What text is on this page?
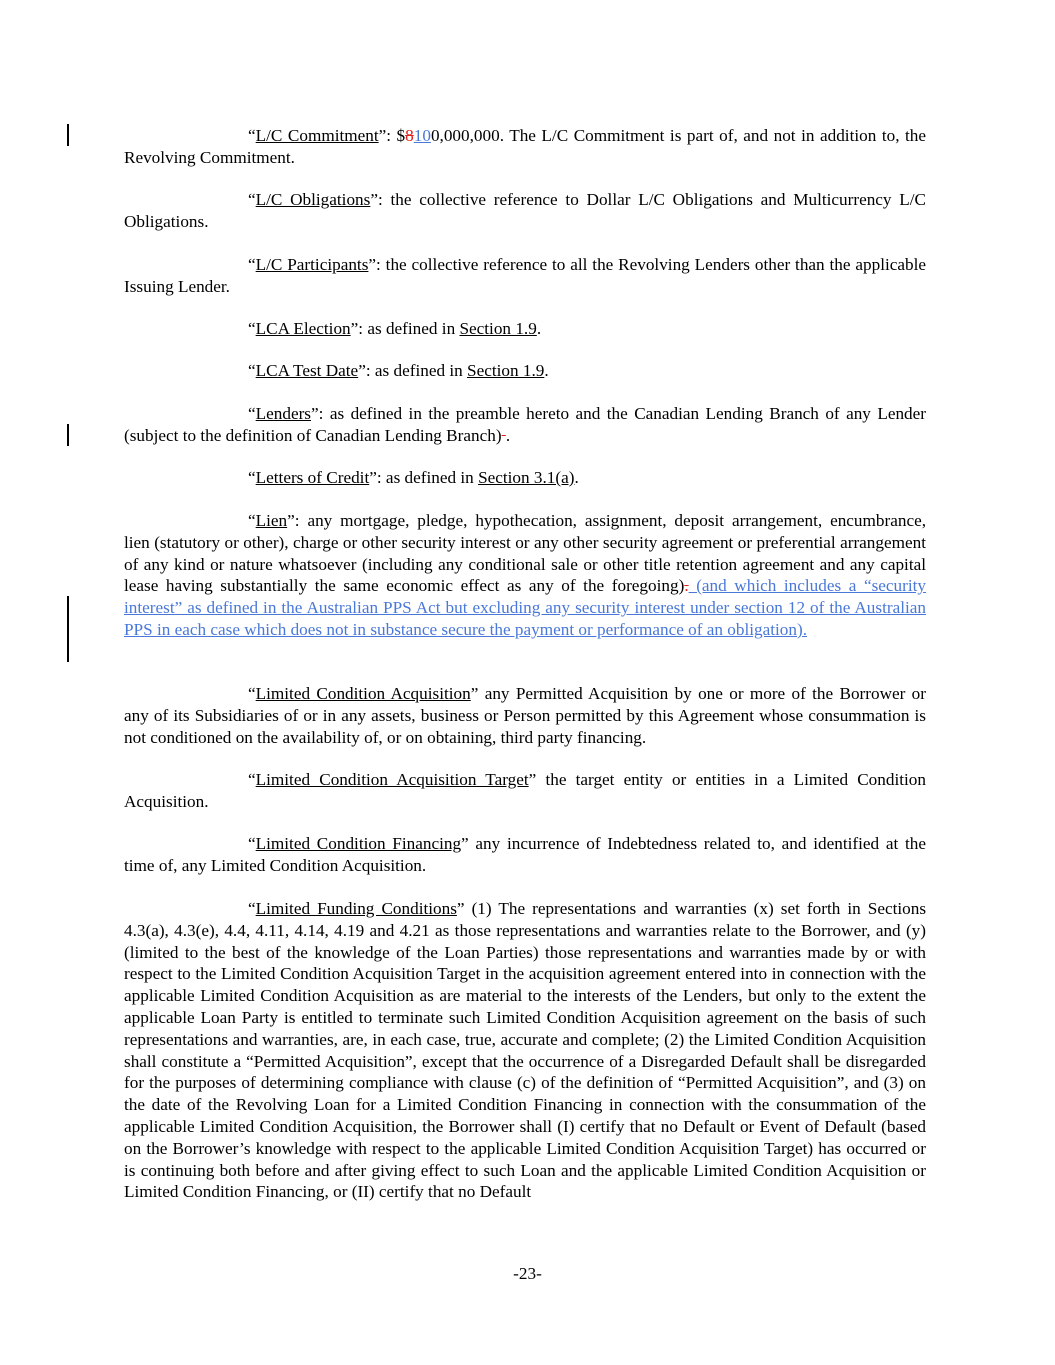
“L/C Commitment”: $8100,000,000. The L/C Commitment is part of, and not in addition to, the Revolving Commitment.

“L/C Obligations”: the collective reference to Dollar L/C Obligations and Multicurrency L/C Obligations.

“L/C Participants”: the collective reference to all the Revolving Lenders other than the applicable Issuing Lender.

“LCA Election”: as defined in Section 1.9.

“LCA Test Date”: as defined in Section 1.9.

“Lenders”: as defined in the preamble hereto and the Canadian Lending Branch of any Lender (subject to the definition of Canadian Lending Branch) .

“Letters of Credit”: as defined in Section 3.1(a).

“Lien”: any mortgage, pledge, hypothecation, assignment, deposit arrangement, encumbrance, lien (statutory or other), charge or other security interest or any other security agreement or preferential arrangement of any kind or nature whatsoever (including any conditional sale or other title retention agreement and any capital lease having substantially the same economic effect as any of the foregoing). (and which includes a “security interest” as defined in the Australian PPS Act but excluding any security interest under section 12 of the Australian PPS in each case which does not in substance secure the payment or performance of an obligation).

“Limited Condition Acquisition” any Permitted Acquisition by one or more of the Borrower or any of its Subsidiaries of or in any assets, business or Person permitted by this Agreement whose consummation is not conditioned on the availability of, or on obtaining, third party financing.

“Limited Condition Acquisition Target” the target entity or entities in a Limited Condition Acquisition.

“Limited Condition Financing” any incurrence of Indebtedness related to, and identified at the time of, any Limited Condition Acquisition.

“Limited Funding Conditions” (1) The representations and warranties (x) set forth in Sections 4.3(a), 4.3(e), 4.4, 4.11, 4.14, 4.19 and 4.21 as those representations and warranties relate to the Borrower, and (y) (limited to the best of the knowledge of the Loan Parties) those representations and warranties made by or with respect to the Limited Condition Acquisition Target in the acquisition agreement entered into in connection with the applicable Limited Condition Acquisition as are material to the interests of the Lenders, but only to the extent the applicable Loan Party is entitled to terminate such Limited Condition Acquisition agreement on the basis of such representations and warranties, are, in each case, true, accurate and complete; (2) the Limited Condition Acquisition shall constitute a “Permitted Acquisition”, except that the occurrence of a Disregarded Default shall be disregarded for the purposes of determining compliance with clause (c) of the definition of “Permitted Acquisition”, and (3) on the date of the Revolving Loan for a Limited Condition Financing in connection with the consummation of the applicable Limited Condition Acquisition, the Borrower shall (I) certify that no Default or Event of Default (based on the Borrower’s knowledge with respect to the applicable Limited Condition Acquisition Target) has occurred or is continuing both before and after giving effect to such Loan and the applicable Limited Condition Acquisition or Limited Condition Financing, or (II) certify that no Default

-23-
